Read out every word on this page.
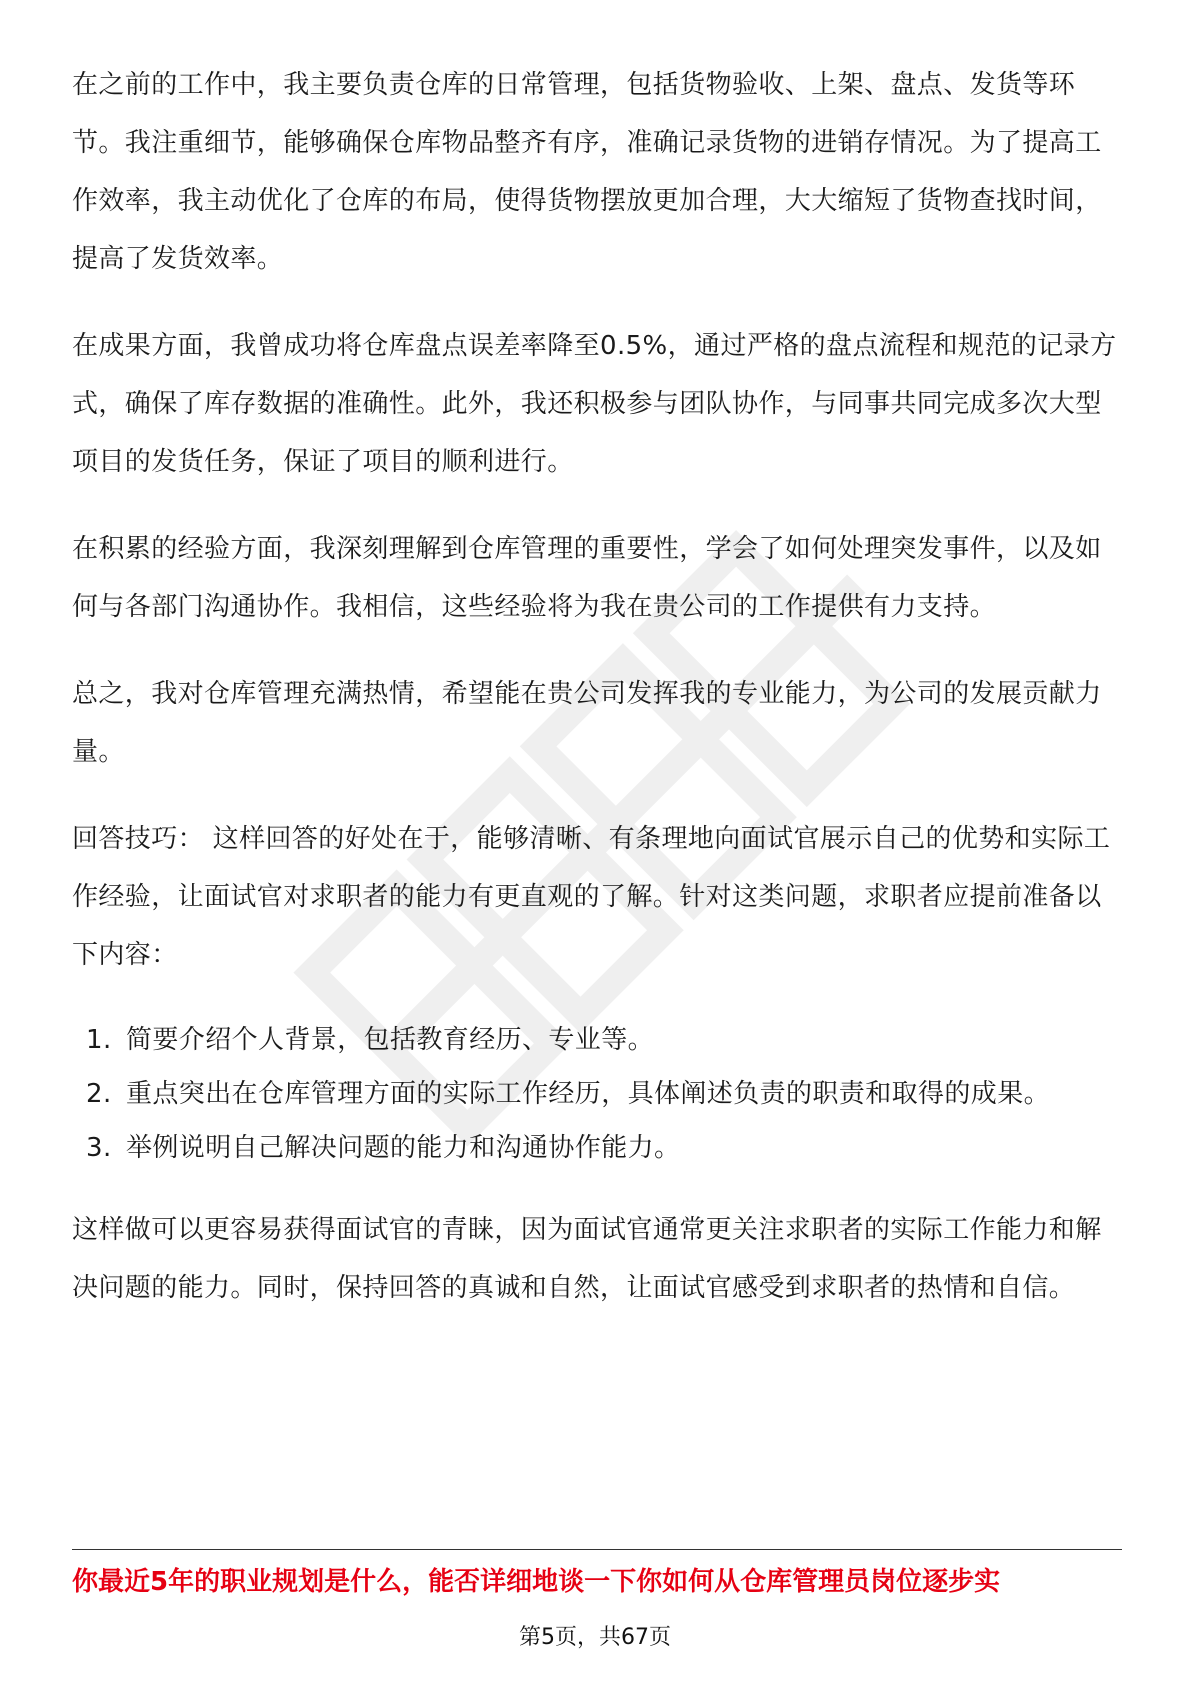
在之前的工作中，我主要负责仓库的日常管理，包括货物验收、上架、盘点、发货等环节。我注重细节，能够确保仓库物品整齐有序，准确记录货物的进销存情况。为了提高工作效率，我主动优化了仓库的布局，使得货物摆放更加合理，大大缩短了货物查找时间，提高了发货效率。

在成果方面，我曾成功将仓库盘点误差率降至0.5%，通过严格的盘点流程和规范的记录方式，确保了库存数据的准确性。此外，我还积极参与团队协作，与同事共同完成多次大型项目的发货任务，保证了项目的顺利进行。

在积累的经验方面，我深刻理解到仓库管理的重要性，学会了如何处理突发事件，以及如何与各部门沟通协作。我相信，这些经验将为我在贵公司的工作提供有力支持。

总之，我对仓库管理充满热情，希望能在贵公司发挥我的专业能力，为公司的发展贡献力量。

回答技巧： 这样回答的好处在于，能够清晰、有条理地向面试官展示自己的优势和实际工作经验，让面试官对求职者的能力有更直观的了解。针对这类问题，求职者应提前准备以下内容：

1. 简要介绍个人背景，包括教育经历、专业等。
2. 重点突出在仓库管理方面的实际工作经历，具体阐述负责的职责和取得的成果。
3. 举例说明自己解决问题的能力和沟通协作能力。

这样做可以更容易获得面试官的青睐，因为面试官通常更关注求职者的实际工作能力和解决问题的能力。同时，保持回答的真诚和自然，让面试官感受到求职者的热情和自信。

你最近5年的职业规划是什么，能否详细地谈一下你如何从仓库管理员岗位逐步实
第5页，共67页
